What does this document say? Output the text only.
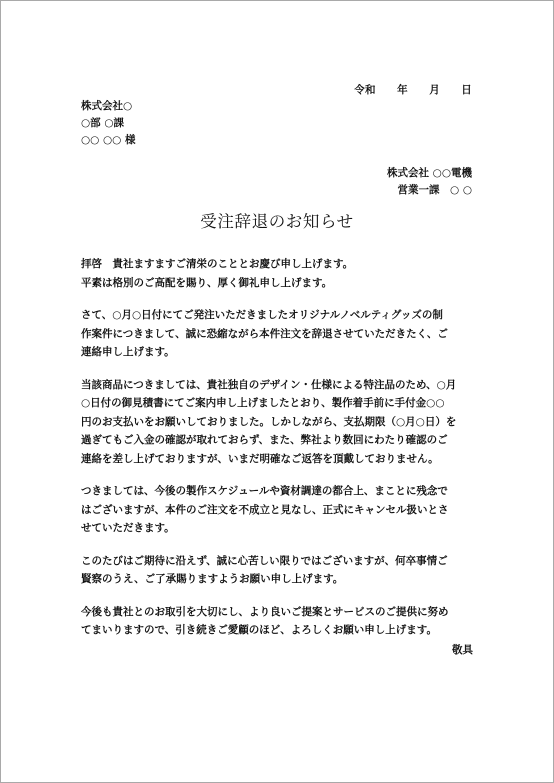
令和　　年　　月　　日
株式会社○
○部 ○課
○○ ○○ 様
株式会社 ○○電機
営業一課　○ ○
受注辞退のお知らせ

拝啓　貴社ますますご清栄のこととお慶び申し上げます。
平素は格別のご高配を賜り、厚く御礼申し上げます。

さて、○月○日付にてご発注いただきましたオリジナルノベルティグッズの制
作案件につきまして、誠に恐縮ながら本件注文を辞退させていただきたく、ご
連絡申し上げます。

当該商品につきましては、貴社独自のデザイン・仕様による特注品のため、○月
○日付の御見積書にてご案内申し上げましたとおり、製作着手前に手付金○○
円のお支払いをお願いしておりました。しかしながら、支払期限（○月○日）を
過ぎてもご入金の確認が取れておらず、また、弊社より数回にわたり確認のご
連絡を差し上げておりますが、いまだ明確なご返答を頂戴しておりません。

つきましては、今後の製作スケジュールや資材調達の都合上、まことに残念で
はございますが、本件のご注文を不成立と見なし、正式にキャンセル扱いとさ
せていただきます。

このたびはご期待に沿えず、誠に心苦しい限りではございますが、何卒事情ご
賢察のうえ、ご了承賜りますようお願い申し上げます。

今後も貴社とのお取引を大切にし、より良いご提案とサービスのご提供に努め
てまいりますので、引き続きご愛顧のほど、よろしくお願い申し上げます。

敬具
